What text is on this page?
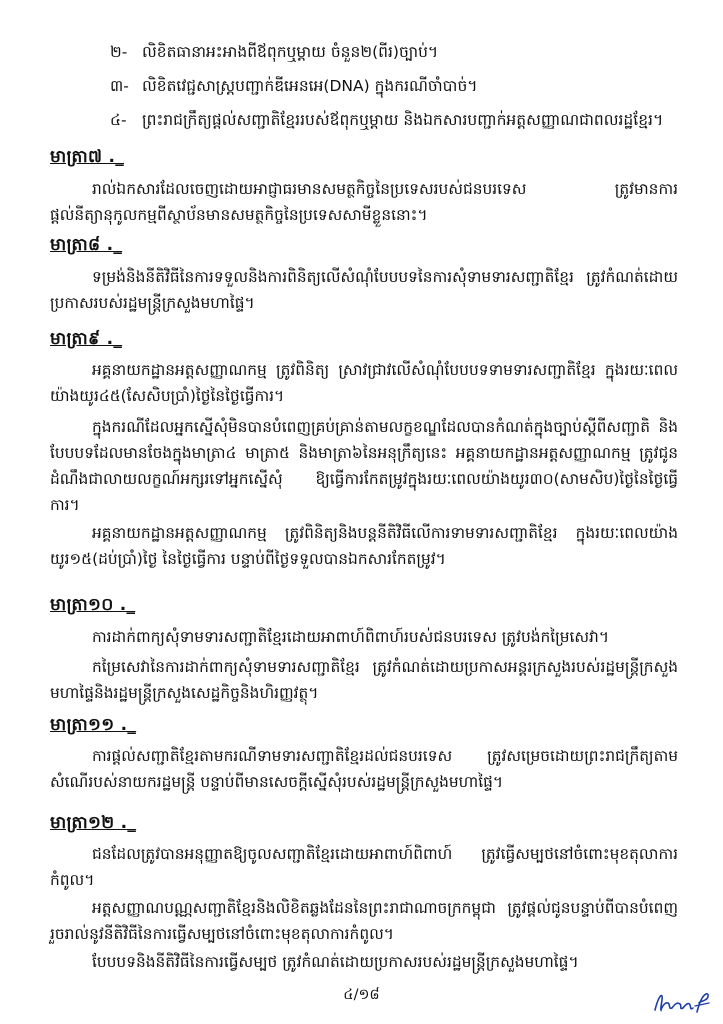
២- លិខិតធានាអះអាងពីឪពុកឬម្តាយ ចំនួន២(ពីរ)ច្បាប់។
៣- លិខិតវេជ្ជសាស្ត្របញ្ជាក់ឌីអេនអេ(DNA) ក្នុងករណីចាំបាច់។
៤- ព្រះរាជក្រឹត្យផ្តល់សញ្ជាតិខ្មែររបស់ឪពុកឬម្តាយ និងឯកសារបញ្ជាក់អត្តសញ្ញាណជាពលរដ្ឋខ្មែរ។
មាត្រា៧ ._
រាល់ឯកសារដែលចេញដោយអាជ្ញាធរមានសមត្ថកិច្ចនៃប្រទេសរបស់ជនបរទេស ត្រូវមានការផ្តល់នីត្យានុកូលកម្មពីស្ថាប័នមានសមត្ថកិច្ចនៃប្រទេសសាមីខ្លួននោះ។
មាត្រា៨ ._
ទម្រង់និងនីតិវិធីនៃការទទួលនិងការពិនិត្យលើសំណុំបែបបទនៃការសុំទាមទារសញ្ជាតិខ្មែរ ត្រូវកំណត់ដោយប្រកាសរបស់រដ្ឋមន្ត្រីក្រសួងមហាផ្ទៃ។
មាត្រា៩ ._
អគ្គនាយកដ្ឋានអត្តសញ្ញាណកម្ម ត្រូវពិនិត្យ ស្រាវជ្រាវលើសំណុំបែបបទទាមទារសញ្ជាតិខ្មែរ ក្នុងរយៈពេលយ៉ាងយូរ៤៥(សែសិបប្រាំ)ថ្ងៃនៃថ្ងៃធ្វើការ។
ក្នុងករណីដែលអ្នកស្នើសុំមិនបានបំពេញគ្រប់គ្រាន់តាមលក្ខខណ្ឌដែលបានកំណត់ក្នុងច្បាប់ស្តីពីសញ្ជាតិ និងបែបបទដែលមានចែងក្នុងមាត្រា៤ មាត្រា៥ និងមាត្រា៦នៃអនុក្រឹត្យនេះ អគ្គនាយកដ្ឋានអត្តសញ្ញាណកម្ម ត្រូវជូនដំណឹងជាលាយលក្ខណ៍អក្សរទៅអ្នកស្នើសុំ ឱ្យធ្វើការកែតម្រូវក្នុងរយៈពេលយ៉ាងយូរ៣០(សាមសិប)ថ្ងៃនៃថ្ងៃធ្វើការ។
អគ្គនាយកដ្ឋានអត្តសញ្ញាណកម្ម ត្រូវពិនិត្យនិងបន្តនីតិវិធីលើការទាមទារសញ្ជាតិខ្មែរ ក្នុងរយៈពេលយ៉ាងយូរ១៥(ដប់ប្រាំ)ថ្ងៃ នៃថ្ងៃធ្វើការ បន្ទាប់ពីថ្ងៃទទួលបានឯកសារកែតម្រូវ។
មាត្រា១០ ._
ការដាក់ពាក្យសុំទាមទារសញ្ជាតិខ្មែរដោយអាពាហ៍ពិពាហ៍របស់ជនបរទេស ត្រូវបង់កម្រៃសេវា។
កម្រៃសេវានៃការដាក់ពាក្យសុំទាមទារសញ្ជាតិខ្មែរ ត្រូវកំណត់ដោយប្រកាសអន្តរក្រសួងរបស់រដ្ឋមន្ត្រីក្រសួងមហាផ្ទៃនិងរដ្ឋមន្ត្រីក្រសួងសេដ្ឋកិច្ចនិងហិរញ្ញវត្ថុ។
មាត្រា១១ ._
ការផ្តល់សញ្ជាតិខ្មែរតាមករណីទាមទារសញ្ជាតិខ្មែរដល់ជនបរទេស ត្រូវសម្រេចដោយព្រះរាជក្រឹត្យតាមសំណើរបស់នាយករដ្ឋមន្ត្រី បន្ទាប់ពីមានសេចក្តីស្នើសុំរបស់រដ្ឋមន្ត្រីក្រសួងមហាផ្ទៃ។
មាត្រា១២ ._
ជនដែលត្រូវបានអនុញ្ញាតឱ្យចូលសញ្ជាតិខ្មែរដោយអាពាហ៍ពិពាហ៍ ត្រូវធ្វើសម្បថនៅចំពោះមុខតុលាការកំពូល។
អត្តសញ្ញាណបណ្ណសញ្ជាតិខ្មែរនិងលិខិតឆ្លងដែននៃព្រះរាជាណាចក្រកម្ពុជា ត្រូវផ្តល់ជូនបន្ទាប់ពីបានបំពេញរួចរាល់នូវនីតិវិធីនៃការធ្វើសម្បថនៅចំពោះមុខតុលាការកំពូល។
បែបបទនិងនីតិវិធីនៃការធ្វើសម្បថ ត្រូវកំណត់ដោយប្រកាសរបស់រដ្ឋមន្ត្រីក្រសួងមហាផ្ទៃ។
៤/១៨
